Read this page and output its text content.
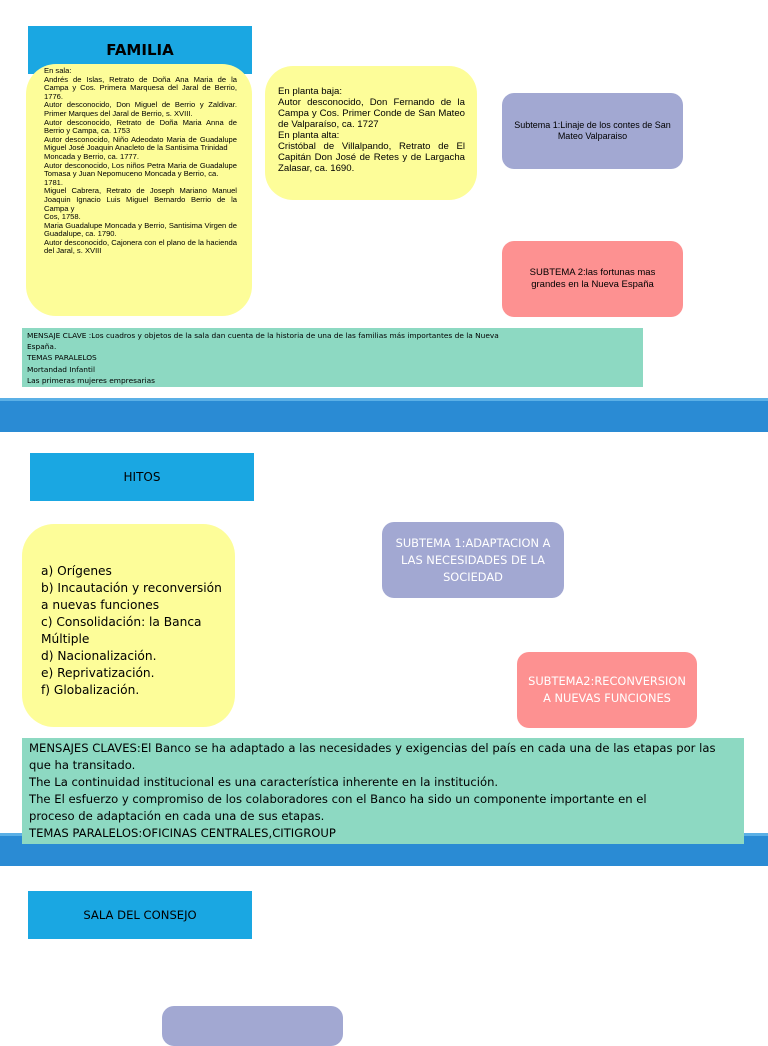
FAMILIA
En sala:
Andrés de Islas, Retrato de Doña Ana Maria de la Campa y Cos. Primera Marquesa del Jaral de Berrio, 1776.
Autor desconocido, Don Miguel de Berrio y Zaldivar. Primer Marques del Jaral de Berrio, s. XVIII.
Autor desconocido, Retrato de Doña Maria Anna de Berrio y Campa, ca. 1753
Autor desconocido, Niño Adeodato Maria de Guadalupe Miguel José Joaquin Anacleto de la Santisima Trinidad
Moncada y Berrio, ca. 1777.
Autor desconocido, Los niños Petra Maria de Guadalupe Tomasa y Juan Nepomuceno Moncada y Berrio, ca.
1781.
Miguel Cabrera, Retrato de Joseph Mariano Manuel Joaquin Ignacio Luis Miguel Bernardo Berrio de la Campa y
Cos, 1758.
Maria Guadalupe Moncada y Berrio, Santisima Virgen de Guadalupe, ca. 1790.
Autor desconocido, Cajonera con el plano de la hacienda del Jaral, s. XVIII
En planta baja:
Autor desconocido, Don Fernando de la Campa y Cos. Primer Conde de San Mateo de Valparaíso, ca. 1727
En planta alta:
Cristóbal de Villalpando, Retrato de El Capitán Don José de Retes y de Largacha Zalasar, ca. 1690.
Subtema 1:Linaje de los contes de San Mateo Valparaiso
SUBTEMA 2:las fortunas mas grandes en la Nueva España
MENSAJE CLAVE :Los cuadros y objetos de la sala dan cuenta de la historia de una de las familias más importantes de la Nueva
España.
TEMAS PARALELOS
Mortandad Infantil
Las primeras mujeres empresarias
HITOS
a) Orígenes
b) Incautación y reconversión a nuevas funciones
c) Consolidación: la Banca Múltiple
d) Nacionalización.
e) Reprivatización.
f) Globalización.
SUBTEMA 1:ADAPTACION A LAS NECESIDADES DE LA SOCIEDAD
SUBTEMA2:RECONVERSION A NUEVAS FUNCIONES
MENSAJES CLAVES:El Banco se ha adaptado a las necesidades y exigencias del país en cada una de las etapas por las que ha transitado.
The La continuidad institucional es una característica inherente en la institución.
The El esfuerzo y compromiso de los colaboradores con el Banco ha sido un componente importante en el
proceso de adaptación en cada una de sus etapas.
TEMAS PARALELOS:OFICINAS CENTRALES,CITIGROUP
SALA DEL CONSEJO
